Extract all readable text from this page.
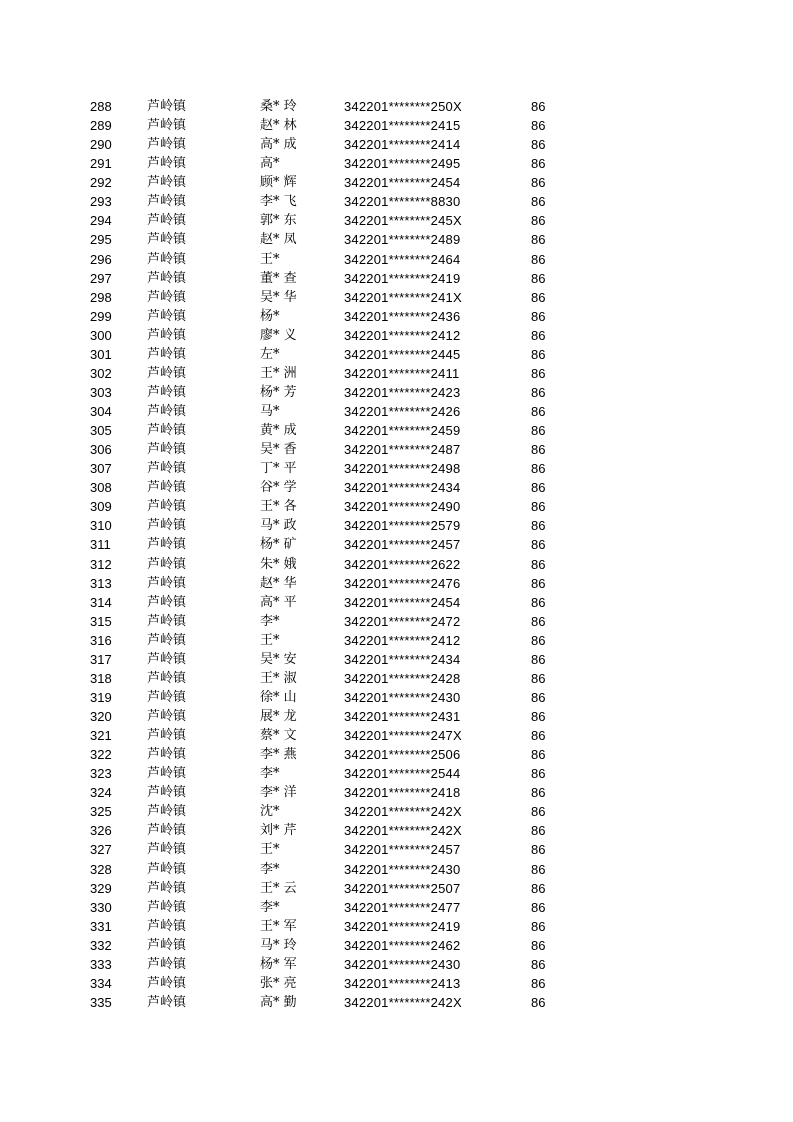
288	芦岭镇	桑* 玲	342201********250X	86
289	芦岭镇	赵* 林	342201********2415	86
290	芦岭镇	高* 成	342201********2414	86
291	芦岭镇	高*	342201********2495	86
292	芦岭镇	顾* 辉	342201********2454	86
293	芦岭镇	李* 飞	342201********8830	86
294	芦岭镇	郭* 东	342201********245X	86
295	芦岭镇	赵* 凤	342201********2489	86
296	芦岭镇	王*	342201********2464	86
297	芦岭镇	董* 查	342201********2419	86
298	芦岭镇	吴* 华	342201********241X	86
299	芦岭镇	杨*	342201********2436	86
300	芦岭镇	廖* 义	342201********2412	86
301	芦岭镇	左*	342201********2445	86
302	芦岭镇	王* 洲	342201********2411	86
303	芦岭镇	杨* 芳	342201********2423	86
304	芦岭镇	马*	342201********2426	86
305	芦岭镇	黄* 成	342201********2459	86
306	芦岭镇	吴* 香	342201********2487	86
307	芦岭镇	丁* 平	342201********2498	86
308	芦岭镇	谷* 学	342201********2434	86
309	芦岭镇	王* 各	342201********2490	86
310	芦岭镇	马* 政	342201********2579	86
311	芦岭镇	杨* 矿	342201********2457	86
312	芦岭镇	朱* 娥	342201********2622	86
313	芦岭镇	赵* 华	342201********2476	86
314	芦岭镇	高* 平	342201********2454	86
315	芦岭镇	李*	342201********2472	86
316	芦岭镇	王*	342201********2412	86
317	芦岭镇	吴* 安	342201********2434	86
318	芦岭镇	王* 淑	342201********2428	86
319	芦岭镇	徐* 山	342201********2430	86
320	芦岭镇	展* 龙	342201********2431	86
321	芦岭镇	蔡* 文	342201********247X	86
322	芦岭镇	李* 燕	342201********2506	86
323	芦岭镇	李*	342201********2544	86
324	芦岭镇	李* 洋	342201********2418	86
325	芦岭镇	沈*	342201********242X	86
326	芦岭镇	刘* 芹	342201********242X	86
327	芦岭镇	王*	342201********2457	86
328	芦岭镇	李*	342201********2430	86
329	芦岭镇	王* 云	342201********2507	86
330	芦岭镇	李*	342201********2477	86
331	芦岭镇	王* 军	342201********2419	86
332	芦岭镇	马* 玲	342201********2462	86
333	芦岭镇	杨* 军	342201********2430	86
334	芦岭镇	张* 亮	342201********2413	86
335	芦岭镇	高* 勤	342201********242X	86
